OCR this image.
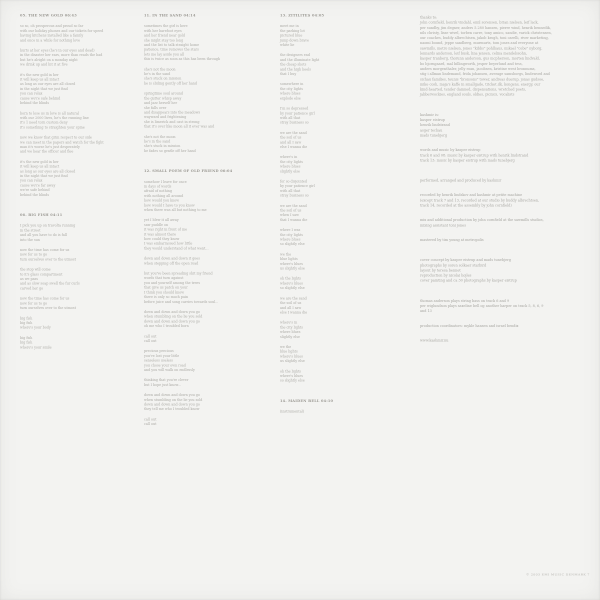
05. THE NEW GOLD 06:43
so so, oh prosperous and proud so far
with our holiday phones and our tickets for speed
having kitchens installed like a family
and once in a while for nothing love
hurts at her eyes (he's in our eyes and dead)
in the disaster her ears, more than reads the bad
but he's alright on a monday night
we drink up and hit it at five
it's the new gold in her
it will keep us all intact
as long as our eyes are all closed
in the night that we just find
you can relax
cause we're safe behind
behind the blinds
born to lose us in love is all natural
with our 2000 lives, he's the running line
it's 1 need torn custom deny
it's something to straighten your spine
now we know that grim respect to our side
we can meet in the papers and watch for the fight
man it's worse he's just desperately
and we hear the officer and flee
it's the new gold in her
it will keep us all intact
as long as our eyes are all closed
in the night that we just find
you can relax
cause we're far away
we're safe behind
behind the blinds
06. BIG FISH 04:11
I pick you up on travolta running
in the street
and all you have to do is fall
into the sun
now the time has come for us
now for us to go
turn ourselves over to the utmost
the stop will come
to it's glass compartment
as we pass
and as slow soap swell the fur curls
carved her go
now the time has come for us
now for us to go
turn ourselves over to the utmost
big fish
big fish
where's your body
big fish
big fish
where's your smile
11. IN THE SAND 04:14
sometimes the girl is here
with her barefoot eyes
and her friend near gold
she might stay too long
and the list to talk straight home
patience, time removes the stars
lets me lay aside you all
this is twice as soon as this has been through
she's not the moon
he's in the sand
she's stuck on mission
he is sliding gently off her hand
springtime soul around
the gutter whisp away
and jazz herself her
she falls over
and disappears into the meadows
wayward and frightening
she is limerick and cast in strong
that it's over like moon all it ever was and
she's not the moon
he's in the sand
she's stuck in mission
he fades so gentle off her hand
12. SMALL POEM OF OLD FRIEND 06:04
somehow I leave for once
in days of words
afraid of nothing
with nothing all around
how would you know
how would I have to you know
when there was all but nothing to me
yet I blew it all away
saw puddle on
it was right in front of me
it was almost there
how could they know
I was embarrassed how little
they would understand of what went...
down and down and down it goes
when stepping off the open road
but you've been spreading shit my friend
words that turn against
you and yourself among the trees
that give us patch on your
I think you should know
there is only so much pain
before juice and song carries towards soul...
down and down and down you go
when stumbling on the lie you sold
down and down and down you go
oh me who I troubled born
call out
call out
precious precious
you've lost your little
senseless useless
you chose your own road
and you will walk on endlessly
thinking that you're clever
but I hope just know...
down and down and down you go
when stumbling on the lie you sold
down and down and down you go
they tell me who I troubled know
call out
call out
13. ZITILITES 04:05
meet me in
the parking lot
pictured blue
jump down brave
white lie
the designers end
and the illuminate light
the cheap shots
and the high heels
that I buy
somewhere in
the city lights
where blues
explode else
I'm so depressed
by your patience girl
with all that
stray business so
we are the sand
the soil of us
and all I saw
else I wanna die
where's in
the city lights
where blues
slightly else
for so disjointed
by your patience girl
with all that
stray business so
we are the sand
the soil of us
when I saw
that I wanna die
where I was
the city lights
where blues
so slightly else
we the
blue lights
where's blues
us slightly else
oh the lights
where's blues
so slightly else
we are the sand
the soil of us
and all I saw
else I wanna die
where's in
the city lights
where blues
slightly else
we the
blue lights
where's blues
us slightly else
oh the lights
where's blues
so slightly else
14. MAIDEN BELL 04:10
(instrumental)
thanks to:
john cornfield, henrik vindahl, emil sorensen, brian nielsen, leif lack,
per sundby, jim degner, anders 5.280 hansen, pierre wind, henrik bennedik,
nils christy, lisse wivel, torben carre, tony amico, sandie, varick christensen,
our coaches, buddy albrechtsen, jakob krogh, toni carelli, river marketing,
naomi bound, jeppe sandberg, murmurts, tom jones and everyone at
sawmills, metro nielsen, jones "kibbs" pohlhaus, mikael "cobe" nyborg,
lennards anderson, leif busk, lina jensen, celina mendelssohn,
kasper tranberg, thorunn anderson, gus mcpherson, morten lindvald,
bo bjorngaard, mal billingworth, jesper beyerlund and tess,
anders morgenthaler, jelly roan, jacobsen, kristine west bronnums,
stig i allman lindemand, frida johansen, average samsborgs, lindeword and
sichau families, teunis "bronsons" tower, andreas duerup, jonas gudsoe,
mike cosh, maja's kaffe in smallgade, tricket.dk, kongens, energy, our
kind-hearted, tender damned, dispensations, wretched poets,
jabberwockies, england souls, oldies, picnics, vocalists
kashmir is:
kasper eistrup
henrik lindstrand
asger techau
mads tunebjerg
words and music by kasper eistrup
track 6 and 08: music by kasper eistrup with henrik lindstrand
track 13: music by kasper eistrup with mads tunebjerg
performed, arranged and produced by kashmir
recorded by henrik lindskov and kashmir at petite machine
(except track 7 and 13, recorded at our studio by buddy albrechtsen,
track 14, recorded at the assembly by john cornfield)
mix and additional production by john cornfield at the sawmills studios,
mixing assistant toni jones
mastered by tim young at metropolis
cover concept by kasper eistrup and mads tunebjerg
photographs by soren solkaer starbird
layout by teresa bennet
reproduction by nicolai hojles
cover painting and ca 30 photographs by kasper eistrup
thomas anderson plays string bass on track 6 and 9
per wiglundson plays saxeline bell og another harper on track 5, 8, 6, 9
and 13
production coordinators: mykle hansen and israel bendix
www.kashmir.nu
© 2003 EMI MUSIC DENMARK 7
